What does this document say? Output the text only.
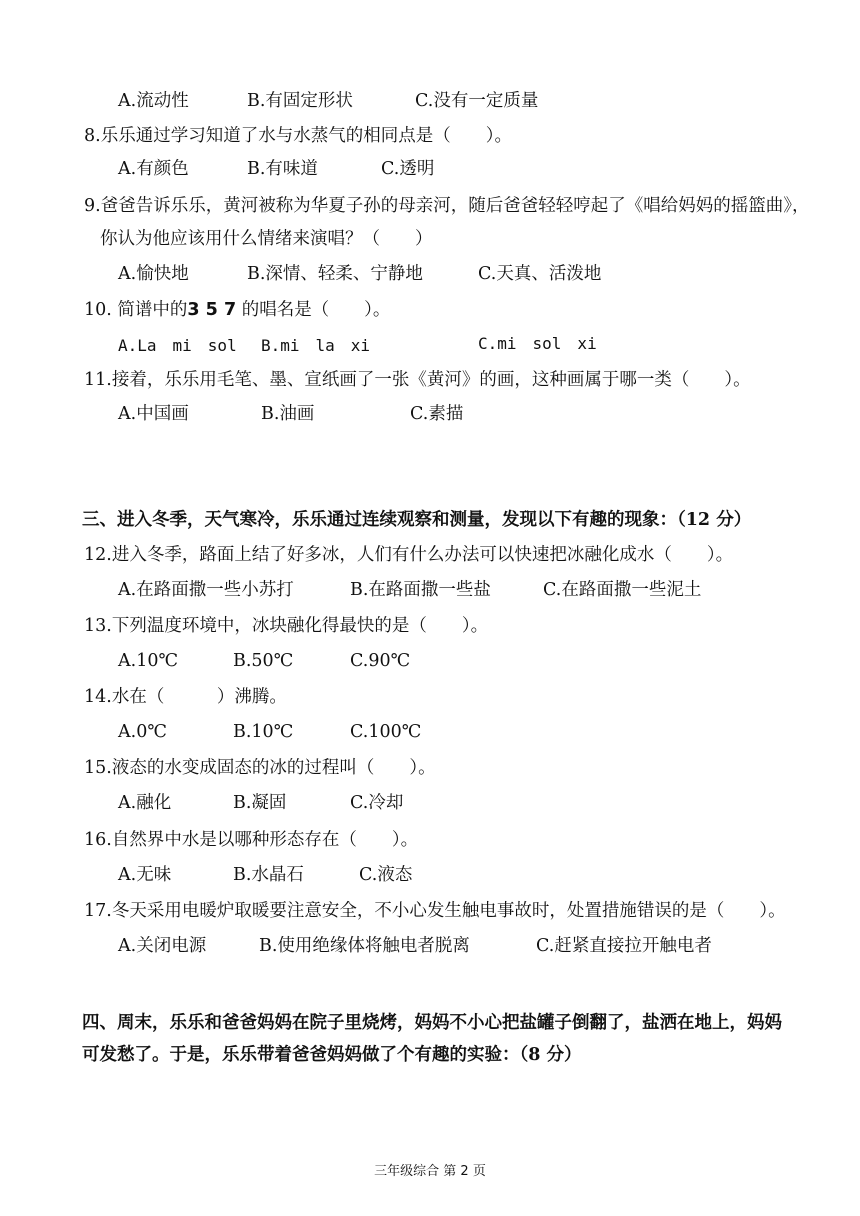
A.流动性	B.有固定形状	C.没有一定质量
8.乐乐通过学习知道了水与水蒸气的相同点是（　　）。
A.有颜色	B.有味道	C.透明
9.爸爸告诉乐乐，黄河被称为华夏子孙的母亲河，随后爸爸轻轻哼起了《唱给妈妈的摇篮曲》，
你认为他应该用什么情绪来演唱？（　　）
A.愉快地	B.深情、轻柔、宁静地	C.天真、活泼地
10. 简谱中的3 5 7 的唱名是（　　）。
A.La　mi　sol B.mi　la　xi	C.mi　sol　xi
11.接着，乐乐用毛笔、墨、宣纸画了一张《黄河》的画，这种画属于哪一类（　　）。
A.中国画	B.油画	C.素描
三、进入冬季，天气寒冷，乐乐通过连续观察和测量，发现以下有趣的现象：（12 分）
12.进入冬季，路面上结了好多冰，人们有什么办法可以快速把冰融化成水（　　）。
A.在路面撒一些小苏打	B.在路面撒一些盐	C.在路面撒一些泥土
13.下列温度环境中，冰块融化得最快的是（　　）。
A.10℃	B.50℃	C.90℃
14.水在（　　　）沸腾。
A.0℃	B.10℃	C.100℃
15.液态的水变成固态的冰的过程叫（　　）。
A.融化	B.凝固	C.冷却
16.自然界中水是以哪种形态存在（　　）。
A.无味	B.水晶石	C.液态
17.冬天采用电暖炉取暖要注意安全，不小心发生触电事故时，处置措施错误的是（　　）。
A.关闭电源	B.使用绝缘体将触电者脱离	C.赶紧直接拉开触电者
四、周末，乐乐和爸爸妈妈在院子里烧烤，妈妈不小心把盐罐子倒翻了，盐洒在地上，妈妈
可发愁了。于是，乐乐带着爸爸妈妈做了个有趣的实验：（8 分）
三年级综合 第 2 页
